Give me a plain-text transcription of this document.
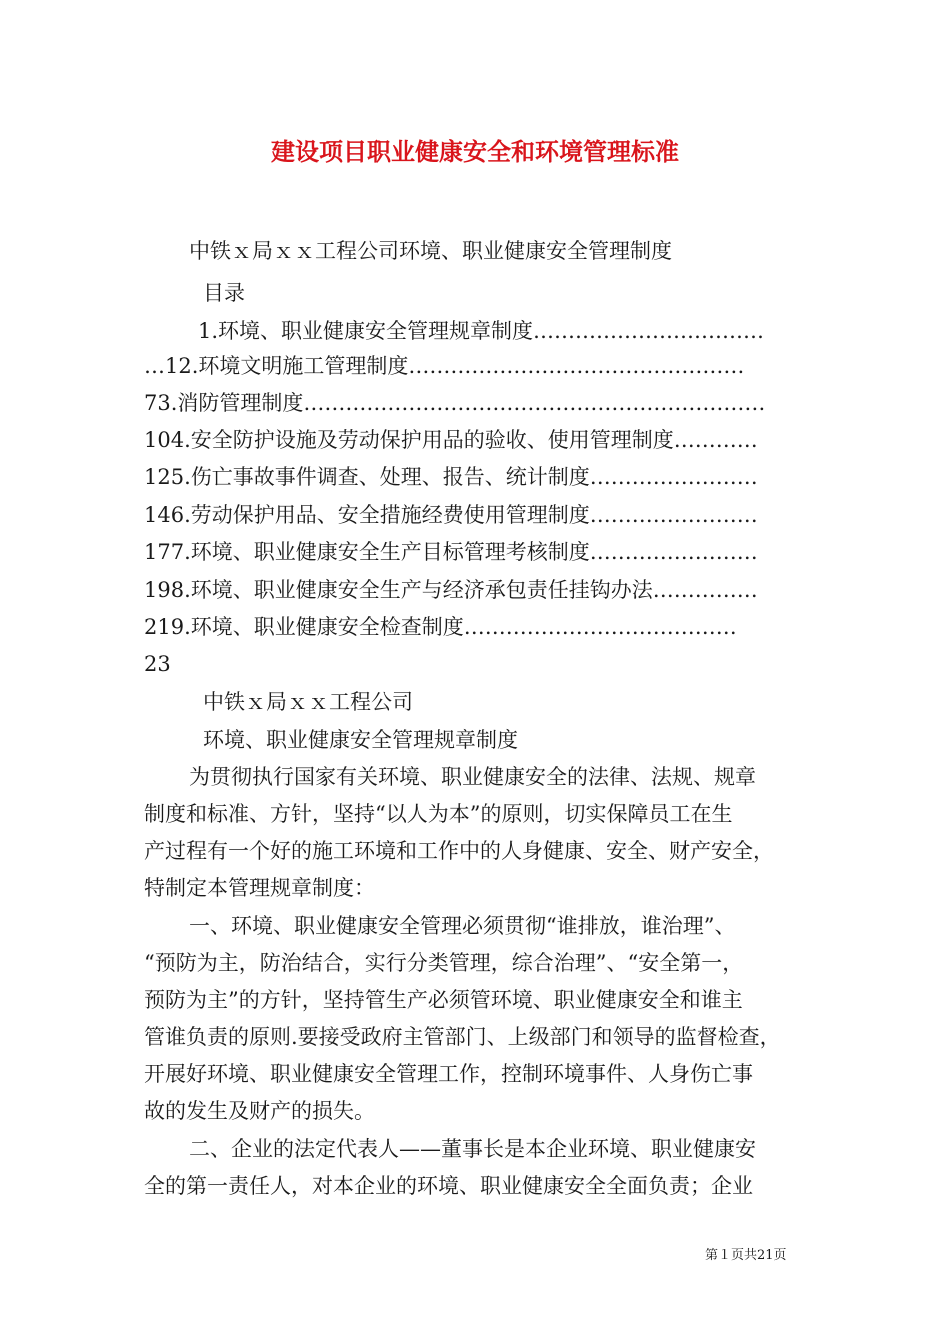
建设项目职业健康安全和环境管理标准
中铁ｘ局ｘｘ工程公司环境、职业健康安全管理制度
目录
1.环境、职业健康安全管理规章制度……………………………
…12.环境文明施工管理制度…………………………………………
73.消防管理制度…………………………………………………………
104.安全防护设施及劳动保护用品的验收、使用管理制度…………
125.伤亡事故事件调查、处理、报告、统计制度……………………
146.劳动保护用品、安全措施经费使用管理制度……………………
177.环境、职业健康安全生产目标管理考核制度……………………
198.环境、职业健康安全生产与经济承包责任挂钩办法……………
219.环境、职业健康安全检查制度…………………………………
23
中铁ｘ局ｘｘ工程公司
环境、职业健康安全管理规章制度
为贯彻执行国家有关环境、职业健康安全的法律、法规、规章
制度和标准、方针，坚持“以人为本”的原则，切实保障员工在生
产过程有一个好的施工环境和工作中的人身健康、安全、财产安全，
特制定本管理规章制度：
一、环境、职业健康安全管理必须贯彻“谁排放，谁治理”、
“预防为主，防治结合，实行分类管理，综合治理”、“安全第一，
预防为主”的方针，坚持管生产必须管环境、职业健康安全和谁主
管谁负责的原则.要接受政府主管部门、上级部门和领导的监督检查，
开展好环境、职业健康安全管理工作，控制环境事件、人身伤亡事
故的发生及财产的损失。
二、企业的法定代表人——董事长是本企业环境、职业健康安
全的第一责任人，对本企业的环境、职业健康安全全面负责；企业
第１页共21页
